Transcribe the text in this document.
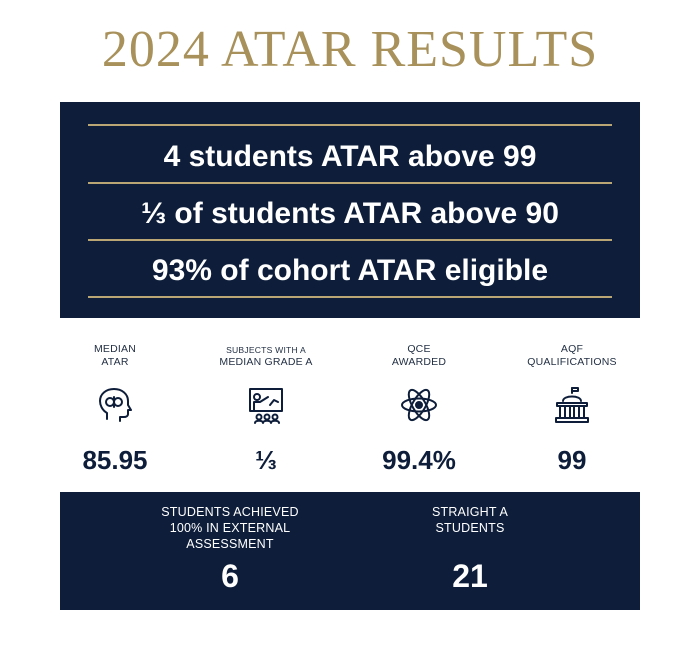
2024 ATAR RESULTS
4 students ATAR above 99
⅓ of students ATAR above 90
93% of cohort ATAR eligible
MEDIAN
ATAR
85.95
SUBJECTS WITH A
MEDIAN GRADE A
⅓
QCE
AWARDED
99.4%
AQF
QUALIFICATIONS
99
STUDENTS ACHIEVED
100% IN EXTERNAL
ASSESSMENT
6
STRAIGHT A
STUDENTS
21
